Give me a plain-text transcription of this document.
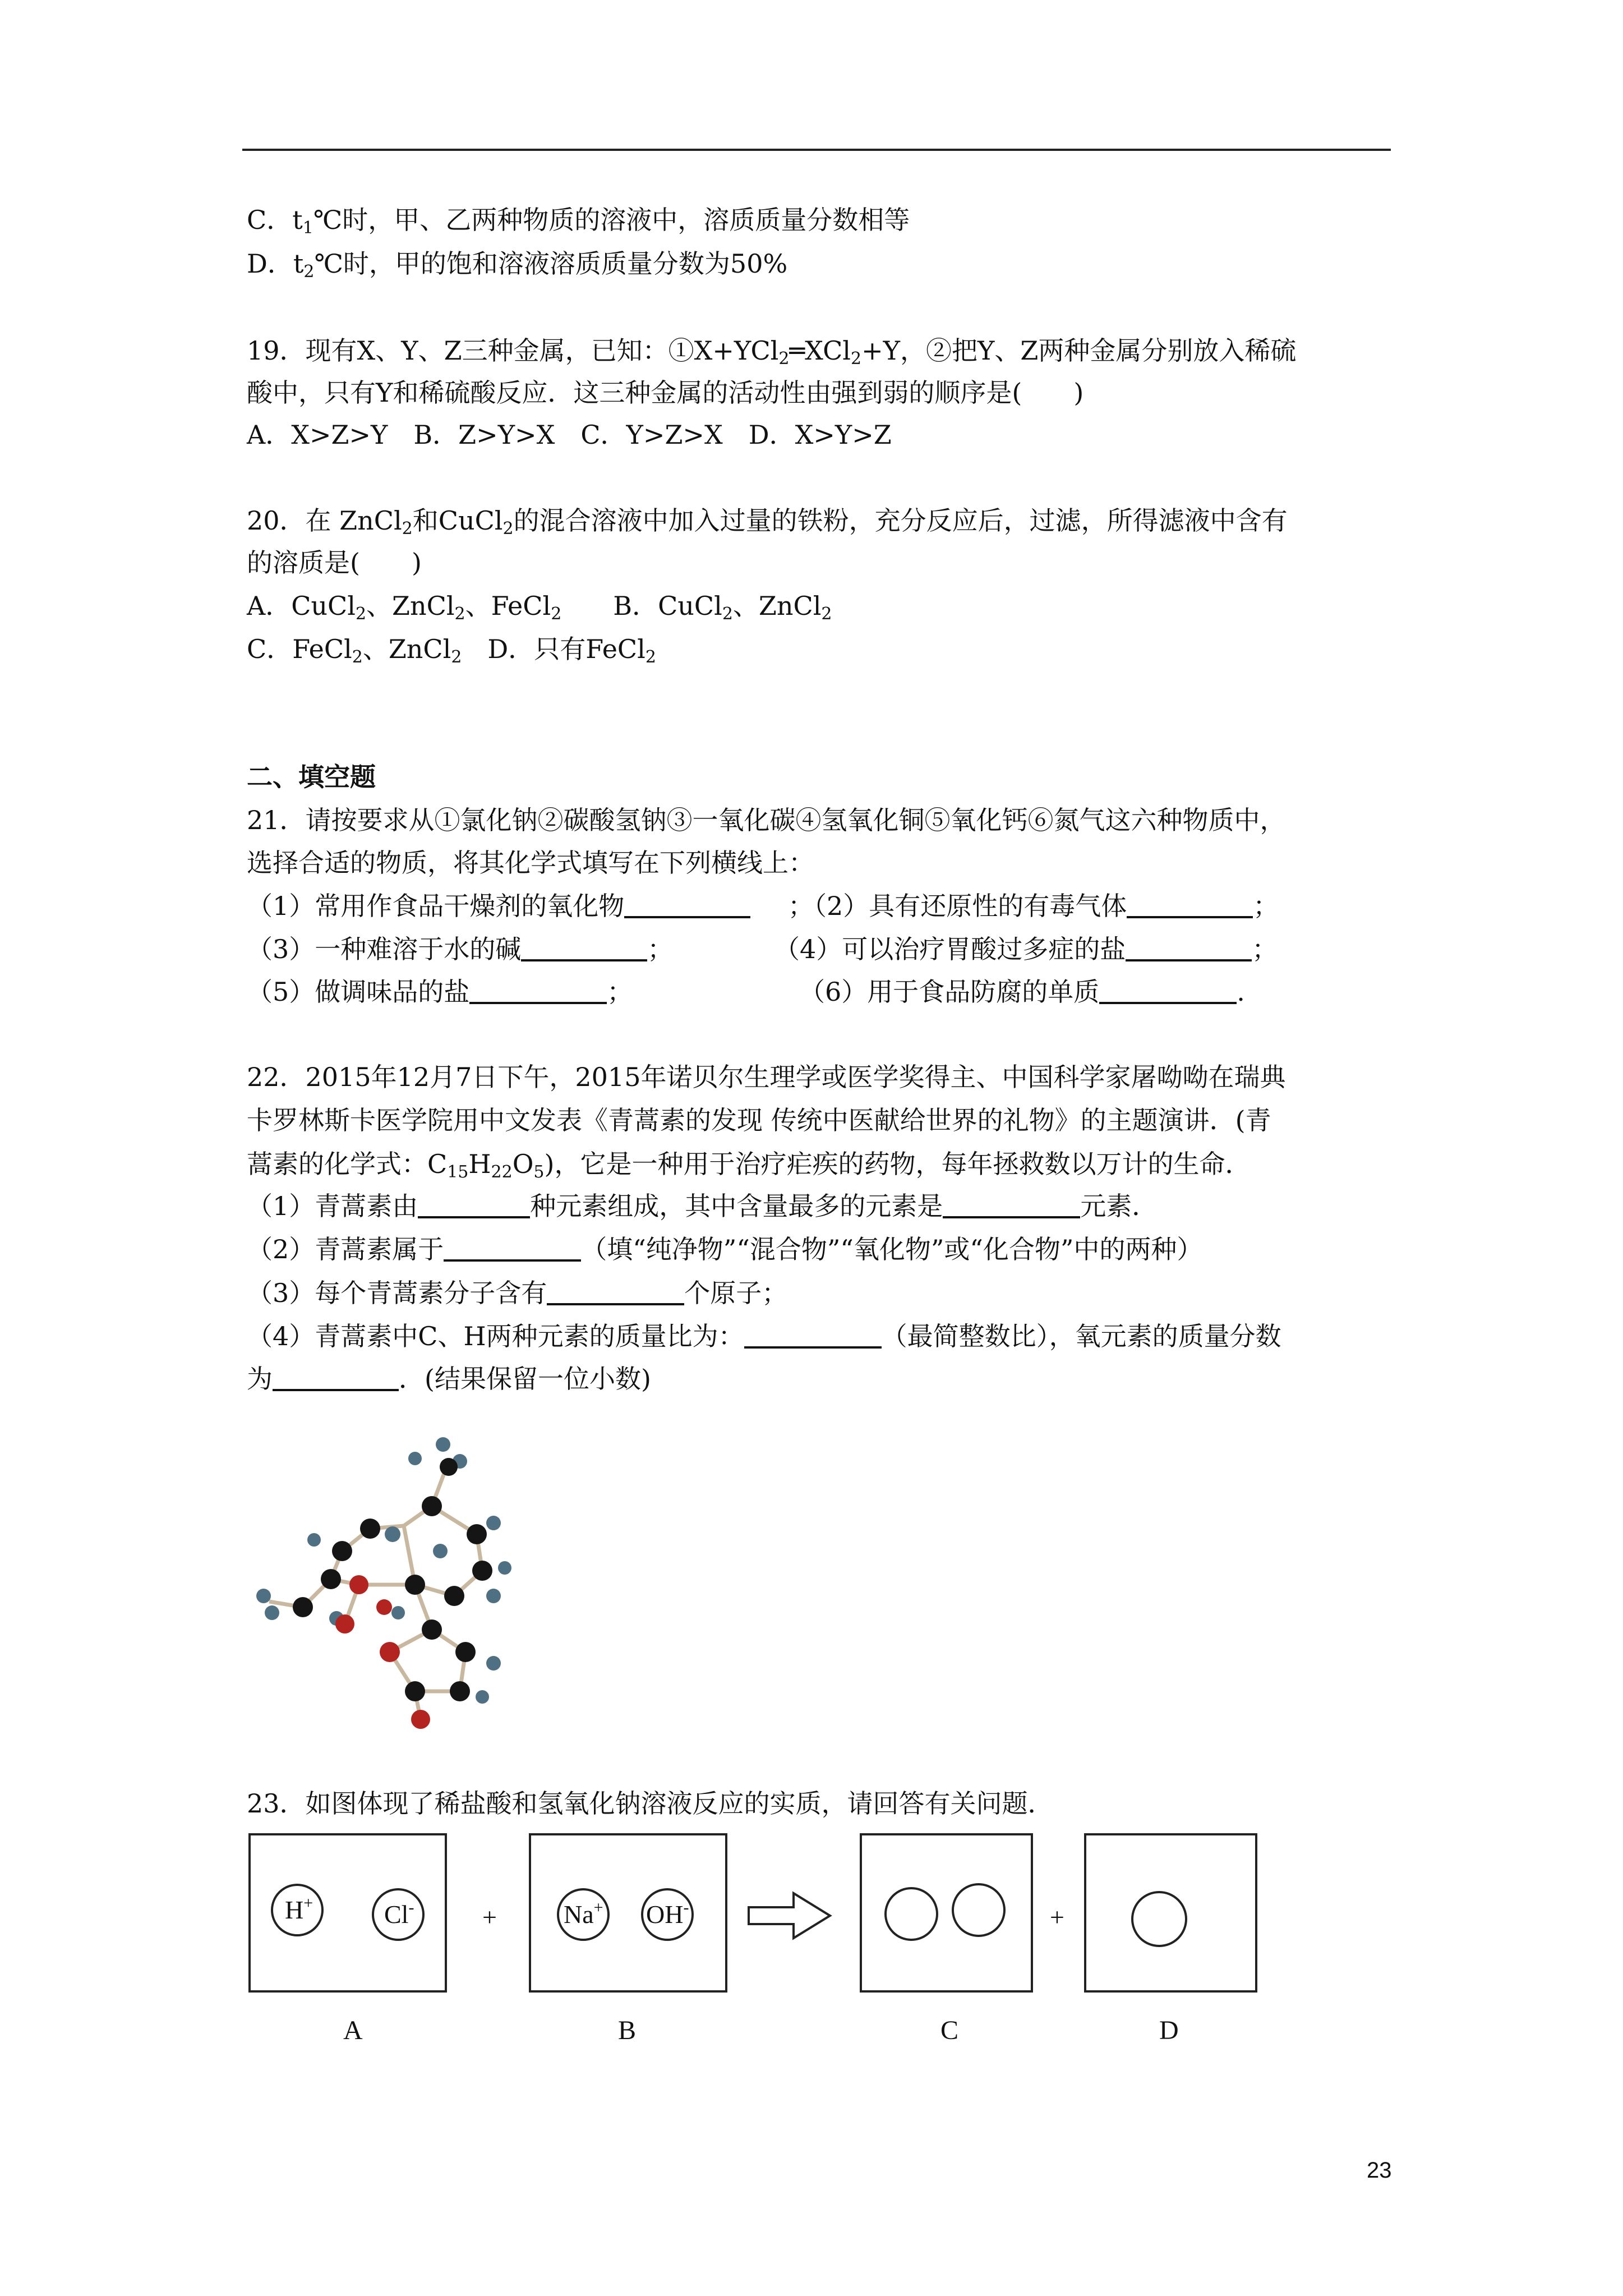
C．$t_1℃$时，甲、乙两种物质的溶液中，溶质质量分数相等
D．$t_2℃$时，甲的饱和溶液溶质质量分数为50%
19．现有X、Y、Z三种金属，已知：①X+YCl$_2$═XCl$_2$+Y，②把Y、Z两种金属分别放入稀硫
酸中，只有Y和稀硫酸反应．这三种金属的活动性由强到弱的顺序是(　　)
A．X>Z>Y　B．Z>Y>X　C．Y>Z>X　D．X>Y>Z
20．在 ZnCl$_2$和CuCl$_2$的混合溶液中加入过量的铁粉，充分反应后，过滤，所得滤液中含有
的溶质是(　　)
A．CuCl$_2$、ZnCl$_2$、FeCl$_2$　　 B．CuCl$_2$、ZnCl$_2$
C．FeCl$_2$、ZnCl$_2$　 D．只有FeCl$_2$
二、填空题
21．请按要求从①氯化钠②碳酸氢钠③一氧化碳④氢氧化铜⑤氧化钙⑥氮气这六种物质中，
选择合适的物质，将其化学式填写在下列横线上：
（1）常用作食品干燥剂的氧化物	；（2）具有还原性的有毒气体	；
（3）一种难溶于水的碱	；	（4）可以治疗胃酸过多症的盐	；
（5）做调味品的盐	；	（6）用于食品防腐的单质	.
22．2015年12月7日下午，2015年诺贝尔生理学或医学奖得主、中国科学家屠呦呦在瑞典
卡罗林斯卡医学院用中文发表《青蒿素的发现 传统中医献给世界的礼物》的主题演讲．(青
蒿素的化学式：$C_{15}H_{22}O_5$)，它是一种用于治疗疟疾的药物，每年拯救数以万计的生命．
（1）青蒿素由	种元素组成，其中含量最多的元素是	元素．
（2）青蒿素属于	（填“纯净物”“混合物”“氧化物”或“化合物”中的两种）
（3）每个青蒿素分子含有	个原子；
（4）青蒿素中C、H两种元素的质量比为：	（最简整数比），氧元素的质量分数
为	．(结果保留一位小数)
23．如图体现了稀盐酸和氢氧化钠溶液反应的实质，请回答有关问题．
H+	Cl-	Na+ OH-
+	+
A	B	C	D
23
